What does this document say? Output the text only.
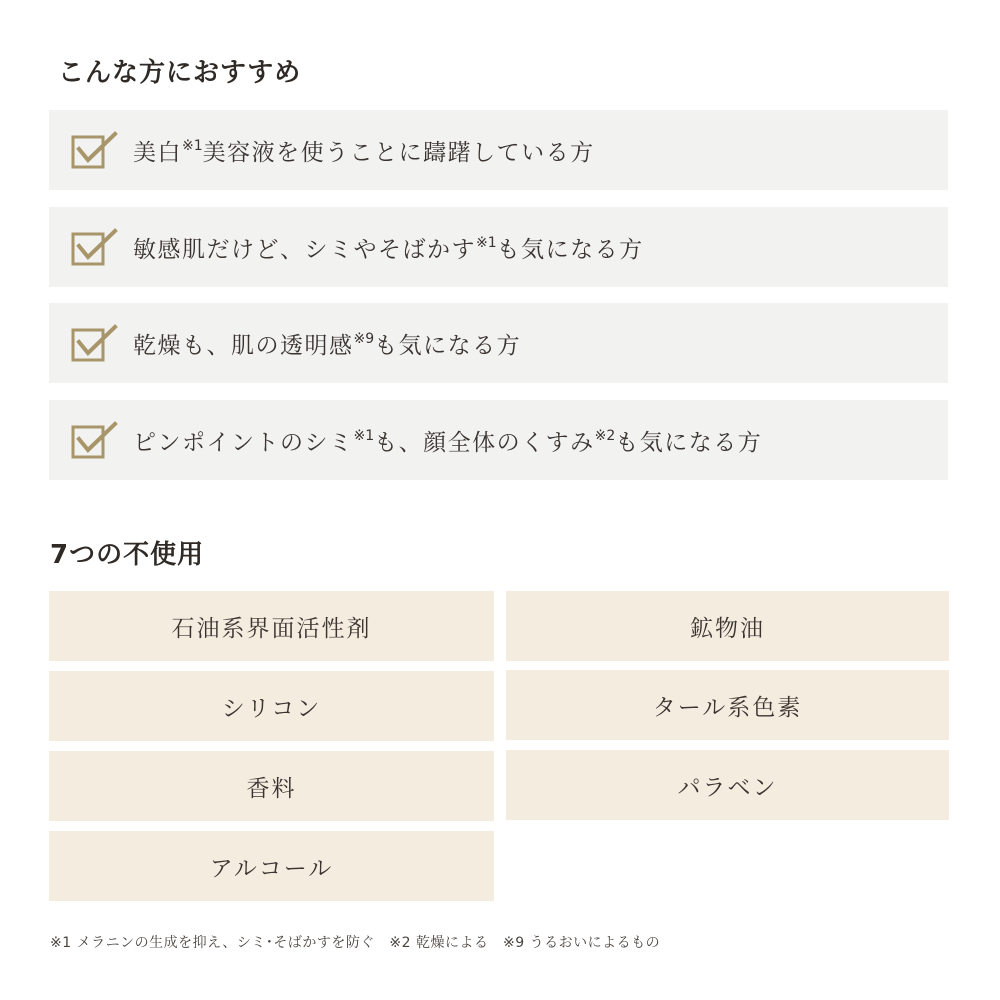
こんな方におすすめ
美白$^{※1}$美容液を使うことに躊躇している方
敏感肌だけど、シミやそばかす$^{※1}$も気になる方
乾燥も、肌の透明感$^{※9}$も気になる方
ピンポイントのシミ$^{※1}$も、顔全体のくすみ$^{※2}$も気になる方
7つの不使用
石油系界面活性剤	鉱物油
シリコン	タール系色素
香料	パラベン
アルコール
※1 メラニンの生成を抑え、シミ･そばかすを防ぐ　※2 乾燥による　※9 うるおいによるもの
